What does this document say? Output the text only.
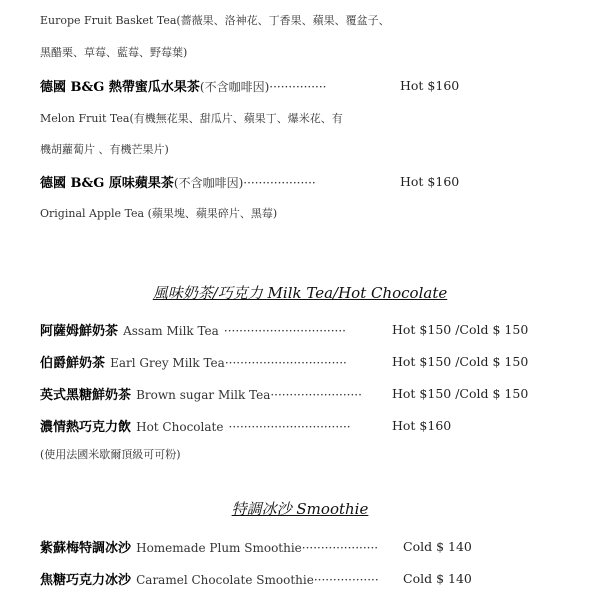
Europe Fruit Basket Tea(薔薇果、洛神花、丁香果、蘋果、覆盆子、
黑醋栗、草莓、藍莓、野莓葉)
德國 B&G 熱帶蜜瓜水果茶(不含咖啡因)···············	Hot $160
Melon Fruit Tea(有機無花果、甜瓜片、蘋果丁、爆米花、有
機胡蘿蔔片 、有機芒果片)
德國 B&G 原味蘋果茶(不含咖啡因)···················	Hot $160
Original Apple Tea (蘋果塊、蘋果碎片、黑莓)
風味奶茶/巧克力 Milk Tea/Hot Chocolate
阿薩姆鮮奶茶 Assam Milk Tea ································	Hot $150 /Cold $ 150
伯爵鮮奶茶 Earl Grey Milk Tea································	Hot $150 /Cold $ 150
英式黑糖鮮奶茶 Brown sugar Milk Tea························ Hot $150 /Cold $ 150
濃情熱巧克力飲 Hot Chocolate ································	Hot $160
(使用法國米歇爾頂級可可粉)
特調冰沙 Smoothie
紫蘇梅特調冰沙 Homemade Plum Smoothie···················· Cold $ 140
焦糖巧克力冰沙 Caramel Chocolate Smoothie················· Cold $ 140
